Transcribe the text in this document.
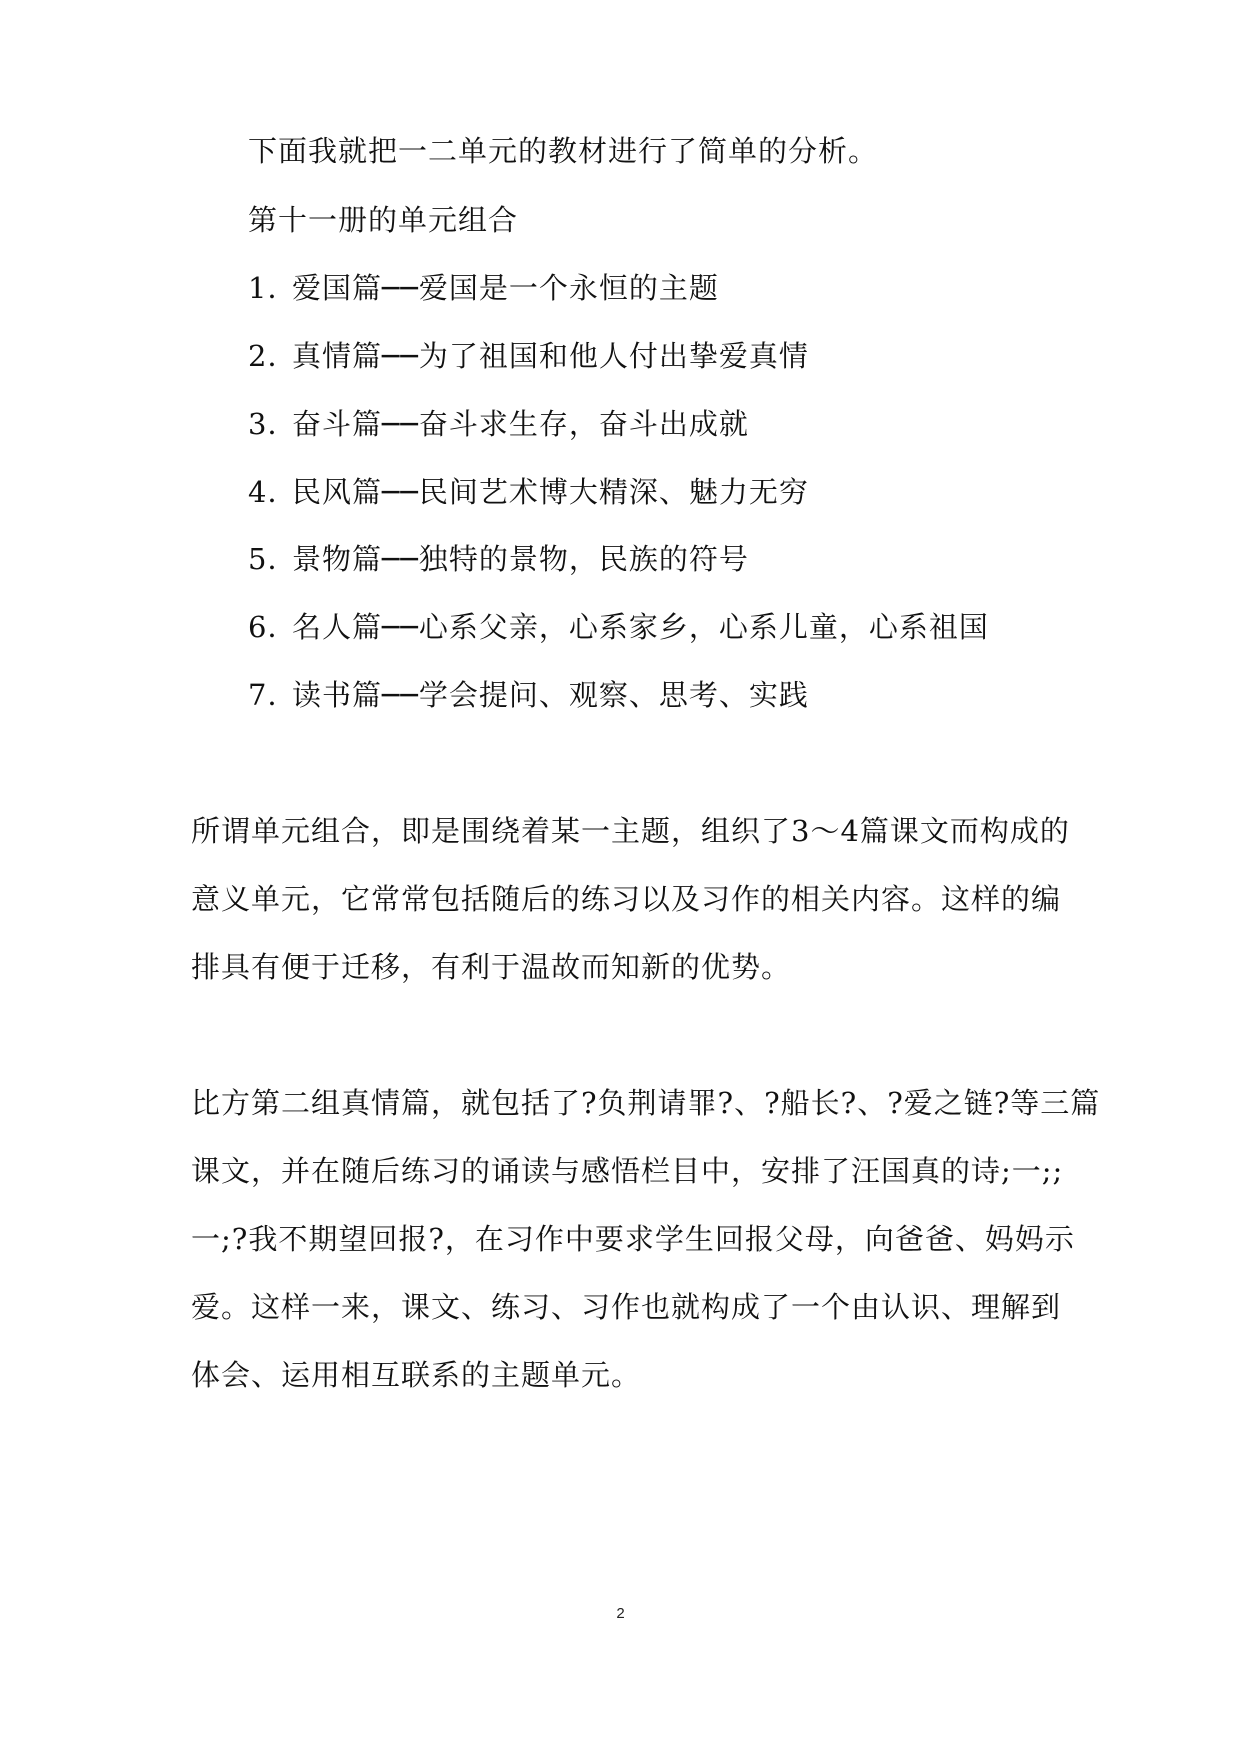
下面我就把一二单元的教材进行了简单的分析。
第十一册的单元组合
1．爱国篇──爱国是一个永恒的主题
2．真情篇──为了祖国和他人付出挚爱真情
3．奋斗篇──奋斗求生存，奋斗出成就
4．民风篇──民间艺术博大精深、魅力无穷
5．景物篇──独特的景物，民族的符号
6．名人篇──心系父亲，心系家乡，心系儿童，心系祖国
7．读书篇──学会提问、观察、思考、实践
所谓单元组合，即是围绕着某一主题，组织了3～4篇课文而构成的
意义单元，它常常包括随后的练习以及习作的相关内容。这样的编
排具有便于迁移，有利于温故而知新的优势。
比方第二组真情篇，就包括了?负荆请罪?、?船长?、?爱之链?等三篇
课文，并在随后练习的诵读与感悟栏目中，安排了汪国真的诗;一;;
一;?我不期望回报?，在习作中要求学生回报父母，向爸爸、妈妈示
爱。这样一来，课文、练习、习作也就构成了一个由认识、理解到
体会、运用相互联系的主题单元。
2
